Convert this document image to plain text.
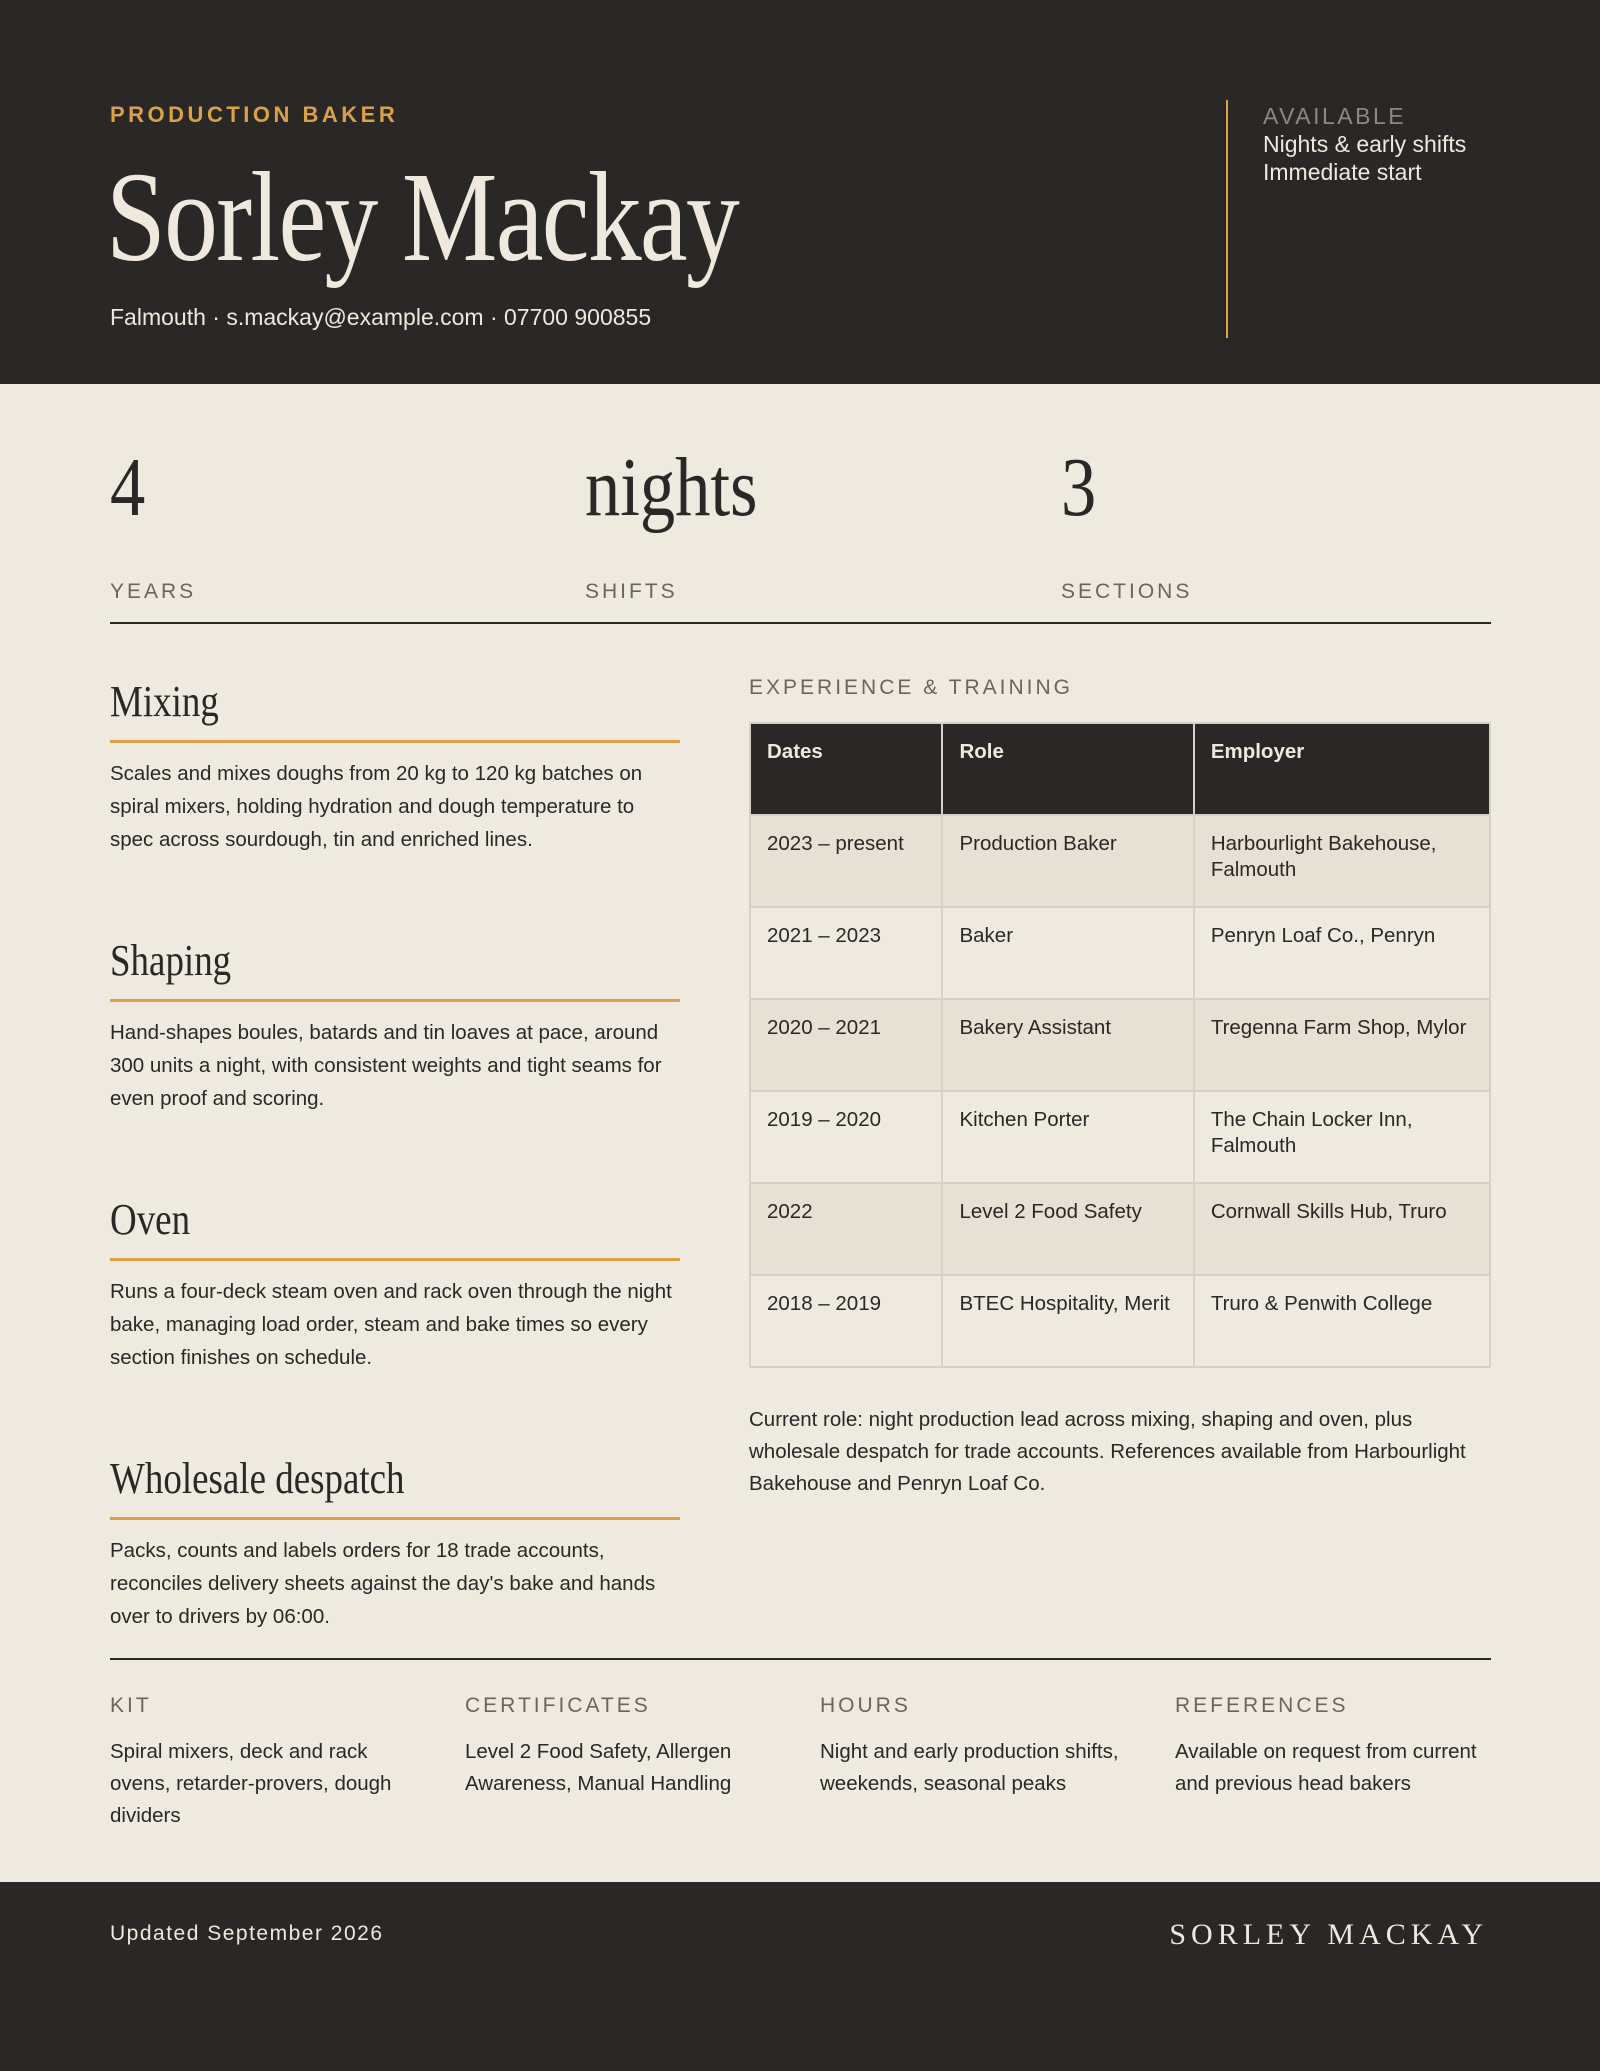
PRODUCTION BAKER
Sorley Mackay
Falmouth · s.mackay@example.com · 07700 900855
AVAILABLE
Nights & early shifts
Immediate start
4
YEARS
nights
SHIFTS
3
SECTIONS
Mixing
Scales and mixes doughs from 20 kg to 120 kg batches on spiral mixers, holding hydration and dough temperature to spec across sourdough, tin and enriched lines.
Shaping
Hand-shapes boules, batards and tin loaves at pace, around 300 units a night, with consistent weights and tight seams for even proof and scoring.
Oven
Runs a four-deck steam oven and rack oven through the night bake, managing load order, steam and bake times so every section finishes on schedule.
Wholesale despatch
Packs, counts and labels orders for 18 trade accounts, reconciles delivery sheets against the day's bake and hands over to drivers by 06:00.
EXPERIENCE & TRAINING
Dates	Role	Employer
2023 – present	Production Baker	Harbourlight Bakehouse, Falmouth
2021 – 2023	Baker	Penryn Loaf Co., Penryn
2020 – 2021	Bakery Assistant	Tregenna Farm Shop, Mylor
2019 – 2020	Kitchen Porter	The Chain Locker Inn, Falmouth
2022	Level 2 Food Safety	Cornwall Skills Hub, Truro
2018 – 2019	BTEC Hospitality, Merit	Truro & Penwith College
Current role: night production lead across mixing, shaping and oven, plus wholesale despatch for trade accounts. References available from Harbourlight Bakehouse and Penryn Loaf Co.
KIT
Spiral mixers, deck and rack ovens, retarder-provers, dough dividers
CERTIFICATES
Level 2 Food Safety, Allergen Awareness, Manual Handling
HOURS
Night and early production shifts, weekends, seasonal peaks
REFERENCES
Available on request from current and previous head bakers
Updated September 2026	SORLEY MACKAY
